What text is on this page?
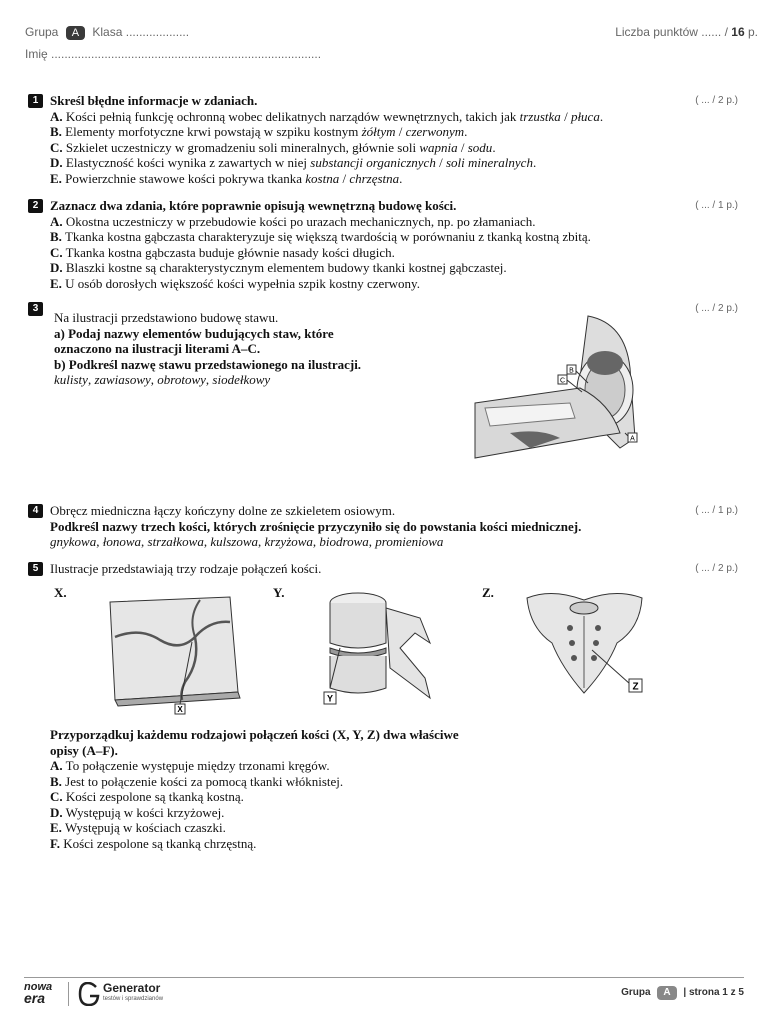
Grupa A Klasa ...................
Imię .................................................................................
Liczba punktów ...... / 16 p.
1	( ... / 2 p.)
Skreśl błędne informacje w zdaniach.
A. Kości pełnią funkcję ochronną wobec delikatnych narządów wewnętrznych, takich jak trzustka / płuca.
B. Elementy morfotyczne krwi powstają w szpiku kostnym żółtym / czerwonym.
C. Szkielet uczestniczy w gromadzeniu soli mineralnych, głównie soli wapnia / sodu.
D. Elastyczność kości wynika z zawartych w niej substancji organicznych / soli mineralnych.
E. Powierzchnie stawowe kości pokrywa tkanka kostna / chrzęstna.
2	( ... / 1 p.)
Zaznacz dwa zdania, które poprawnie opisują wewnętrzną budowę kości.
A. Okostna uczestniczy w przebudowie kości po urazach mechanicznych, np. po złamaniach.
B. Tkanka kostna gąbczasta charakteryzuje się większą twardością w porównaniu z tkanką kostną zbitą.
C. Tkanka kostna gąbczasta buduje głównie nasady kości długich.
D. Blaszki kostne są charakterystycznym elementem budowy tkanki kostnej gąbczastej.
E. U osób dorosłych większość kości wypełnia szpik kostny czerwony.
3	( ... / 2 p.)
Na ilustracji przedstawiono budowę stawu.
a) Podaj nazwy elementów budujących staw, które
oznaczono na ilustracji literami A–C.
b) Podkreśl nazwę stawu przedstawionego na ilustracji.
kulisty, zawiasowy, obrotowy, siodełkowy
B
C
A
4	( ... / 1 p.)
Obręcz miedniczna łączy kończyny dolne ze szkieletem osiowym.
Podkreśl nazwy trzech kości, których zrośnięcie przyczyniło się do powstania kości miednicznej.
gnykowa, łonowa, strzałkowa, kulszowa, krzyżowa, biodrowa, promieniowa
5	( ... / 2 p.)
Ilustracje przedstawiają trzy rodzaje połączeń kości.
X.	Y.	Z.
X
Y
Z
Przyporządkuj każdemu rodzajowi połączeń kości (X, Y, Z) dwa właściwe
opisy (A–F).
A. To połączenie występuje między trzonami kręgów.
B. Jest to połączenie kości za pomocą tkanki włóknistej.
C. Kości zespolone są tkanką kostną.
D. Występują w kości krzyżowej.
E. Występują w kościach czaszki.
F. Kości zespolone są tkanką chrzęstną.
nowa
era
Generator
testów i sprawdzianów
Grupa A | strona 1 z 5
